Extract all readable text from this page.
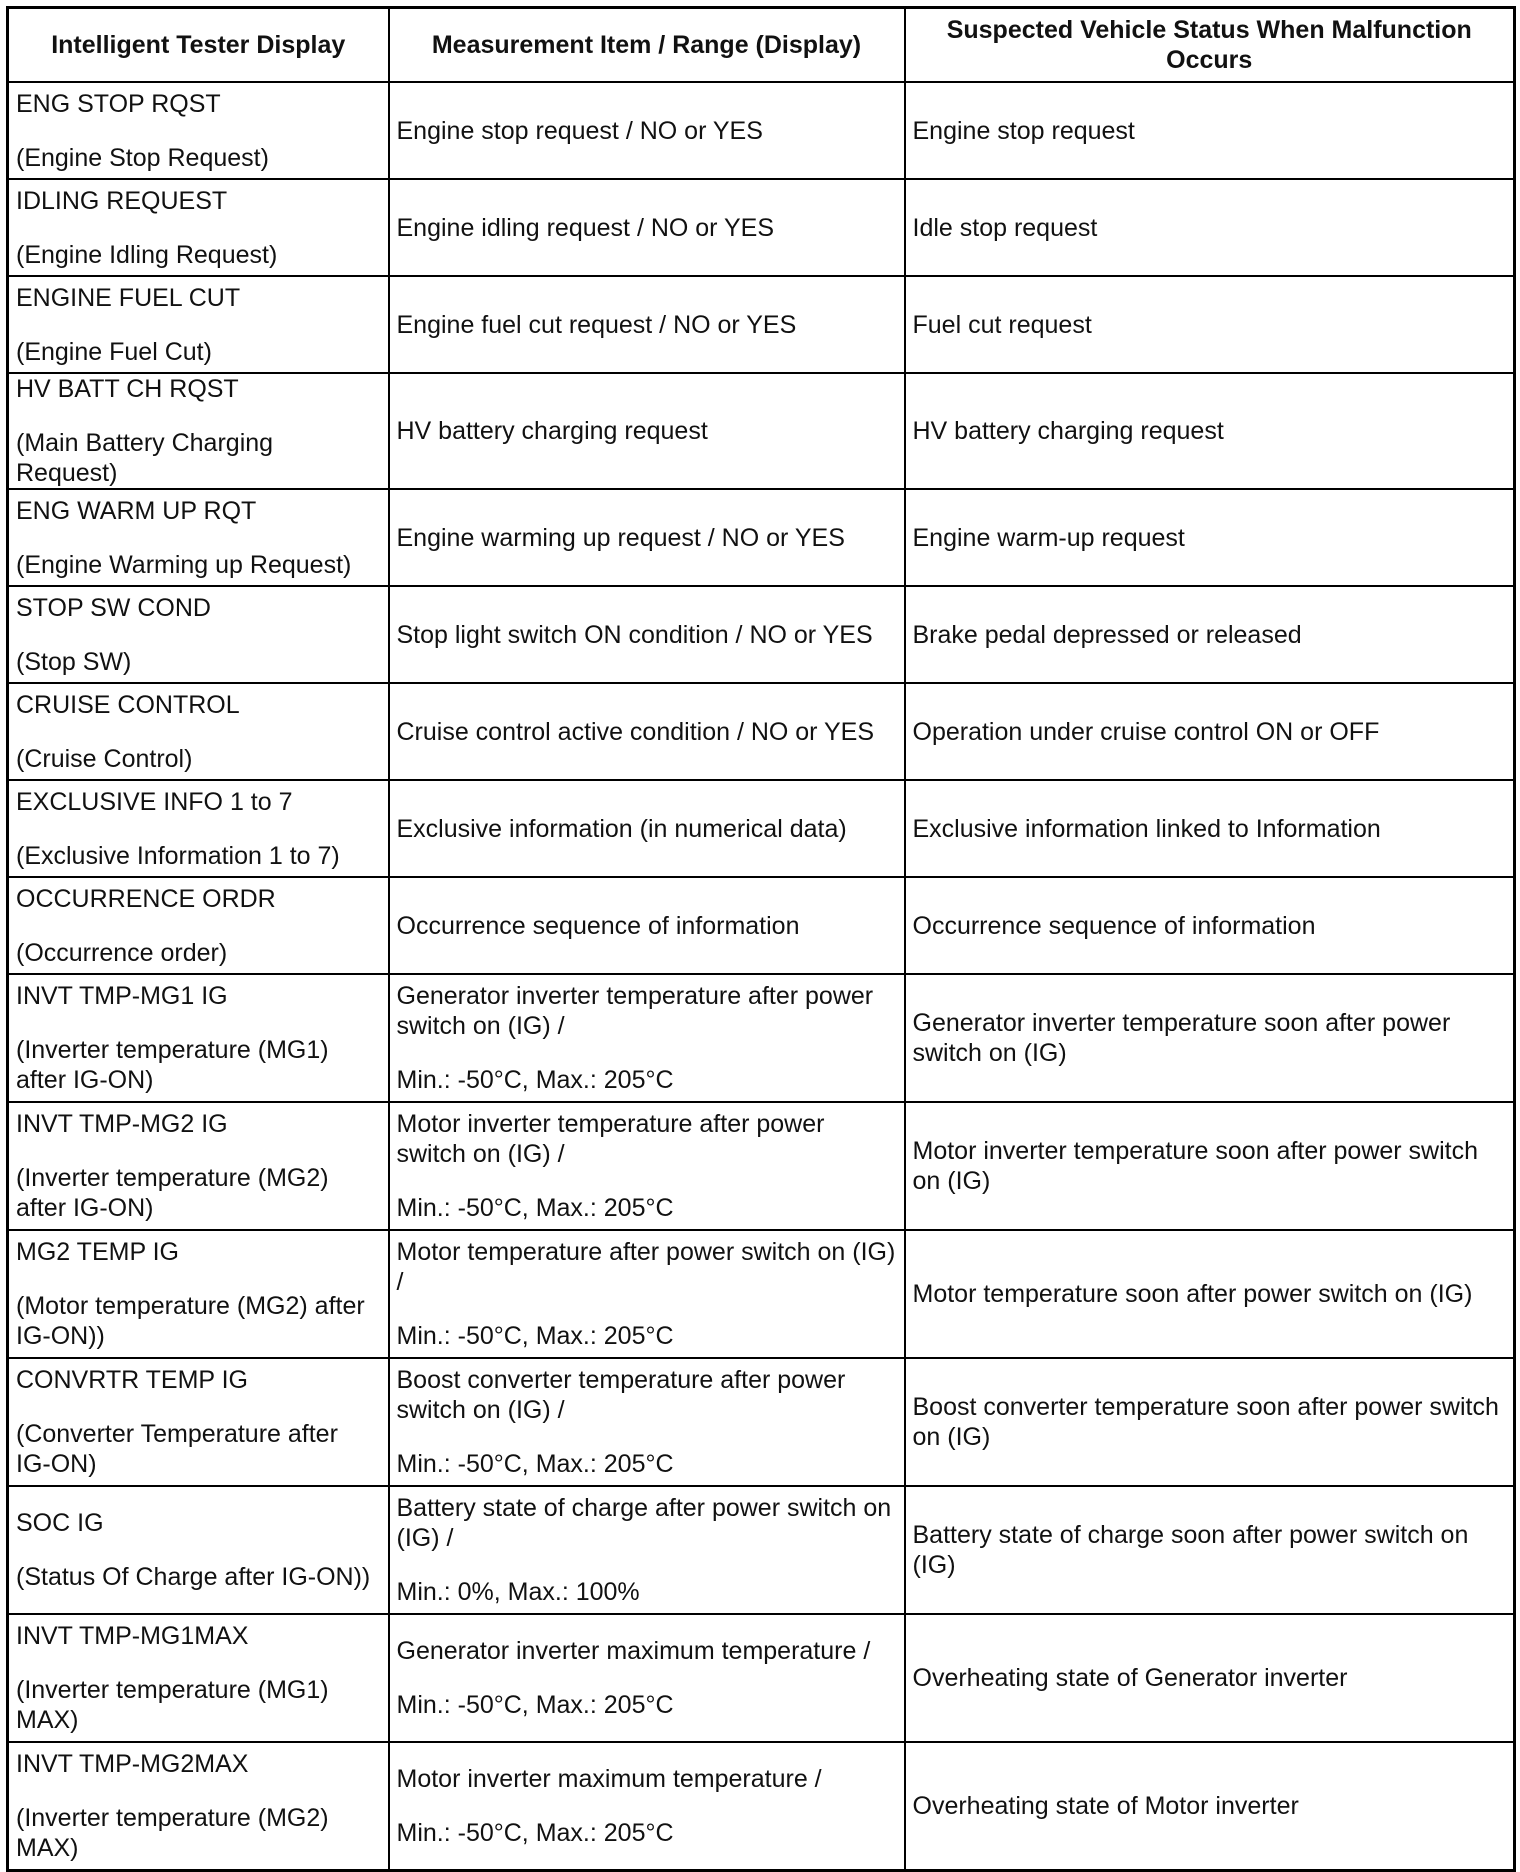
Intelligent Tester Display	Measurement Item / Range (Display)	Suspected Vehicle Status When Malfunction
Occurs

ENG STOP RQST
(Engine Stop Request)	Engine stop request / NO or YES	Engine stop request

IDLING REQUEST
(Engine Idling Request)	Engine idling request / NO or YES	Idle stop request

ENGINE FUEL CUT
(Engine Fuel Cut)	Engine fuel cut request / NO or YES	Fuel cut request

HV BATT CH RQST
(Main Battery Charging Request)	HV battery charging request	HV battery charging request

ENG WARM UP RQT
(Engine Warming up Request)	Engine warming up request / NO or YES	Engine warm-up request

STOP SW COND
(Stop SW)	Stop light switch ON condition / NO or YES	Brake pedal depressed or released

CRUISE CONTROL
(Cruise Control)	Cruise control active condition / NO or YES	Operation under cruise control ON or OFF

EXCLUSIVE INFO 1 to 7
(Exclusive Information 1 to 7)	Exclusive information (in numerical data)	Exclusive information linked to Information

OCCURRENCE ORDR
(Occurrence order)	Occurrence sequence of information	Occurrence sequence of information

INVT TMP-MG1 IG
(Inverter temperature (MG1)
after IG-ON)	Generator inverter temperature after power
switch on (IG) /
Min.: -50°C, Max.: 205°C	Generator inverter temperature soon after power
switch on (IG)

INVT TMP-MG2 IG
(Inverter temperature (MG2)
after IG-ON)	Motor inverter temperature after power
switch on (IG) /
Min.: -50°C, Max.: 205°C	Motor inverter temperature soon after power switch
on (IG)

MG2 TEMP IG
(Motor temperature (MG2) after
IG-ON))	Motor temperature after power switch on (IG)
/
Min.: -50°C, Max.: 205°C	Motor temperature soon after power switch on (IG)

CONVRTR TEMP IG
(Converter Temperature after
IG-ON)	Boost converter temperature after power
switch on (IG) /
Min.: -50°C, Max.: 205°C	Boost converter temperature soon after power switch
on (IG)

SOC IG
(Status Of Charge after IG-ON))	Battery state of charge after power switch on
(IG) /
Min.: 0%, Max.: 100%	Battery state of charge soon after power switch on
(IG)

INVT TMP-MG1MAX
(Inverter temperature (MG1)
MAX)	Generator inverter maximum temperature /
Min.: -50°C, Max.: 205°C	Overheating state of Generator inverter

INVT TMP-MG2MAX
(Inverter temperature (MG2)
MAX)	Motor inverter maximum temperature /
Min.: -50°C, Max.: 205°C	Overheating state of Motor inverter
